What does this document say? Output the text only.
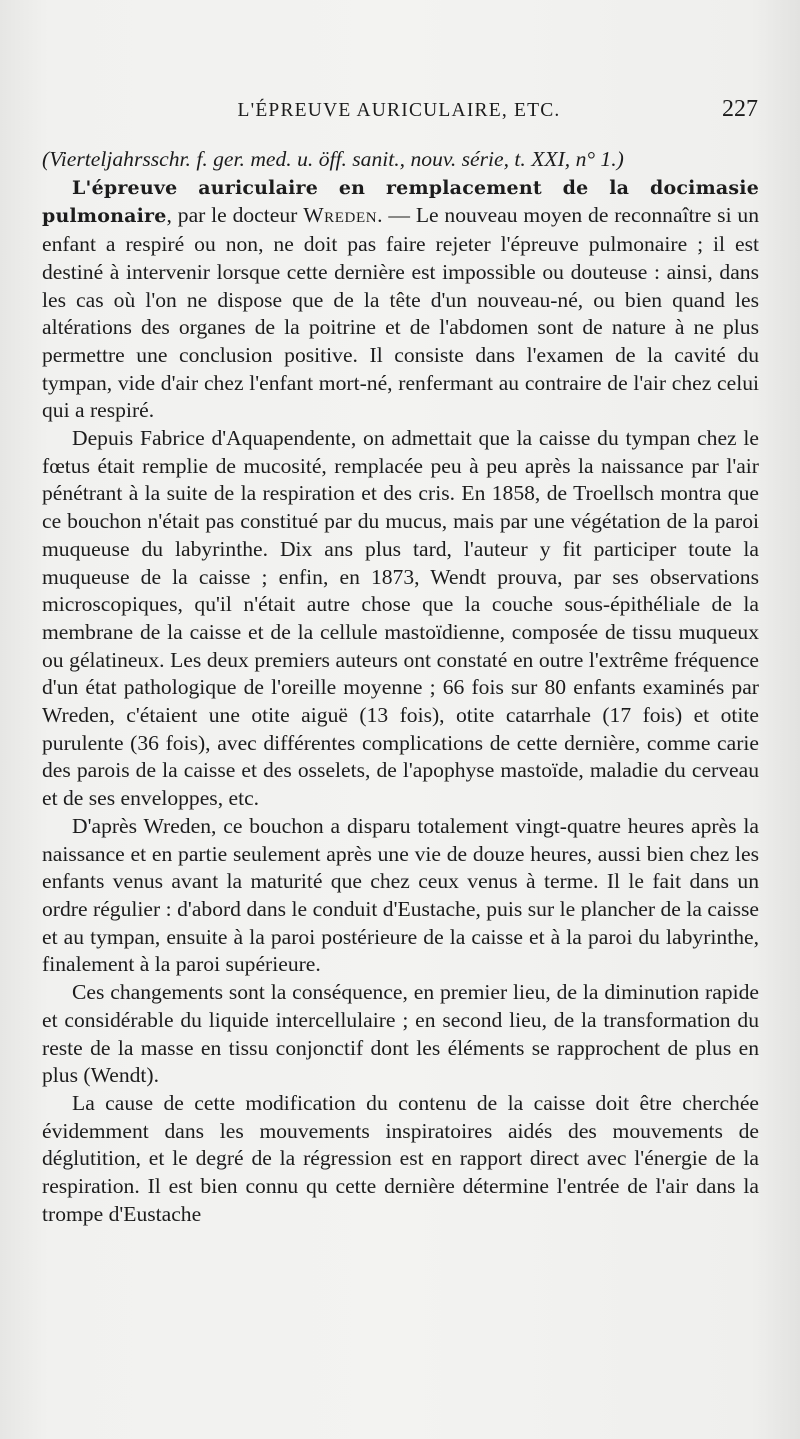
L'ÉPREUVE AURICULAIRE, ETC.	227

(Vierteljahrsschr. f. ger. med. u. öff. sanit., nouv. série, t. XXI, n° 1.)

L'épreuve auriculaire en remplacement de la docimasie pulmonaire, par le docteur Wreden. — Le nouveau moyen de reconnaître si un enfant a respiré ou non, ne doit pas faire rejeter l'épreuve pulmonaire ; il est destiné à intervenir lorsque cette dernière est impossible ou douteuse : ainsi, dans les cas où l'on ne dispose que de la tête d'un nouveau-né, ou bien quand les altérations des organes de la poitrine et de l'abdomen sont de nature à ne plus permettre une conclusion positive. Il consiste dans l'examen de la cavité du tympan, vide d'air chez l'enfant mort-né, renfermant au contraire de l'air chez celui qui a respiré.

Depuis Fabrice d'Aquapendente, on admettait que la caisse du tympan chez le fœtus était remplie de mucosité, remplacée peu à peu après la naissance par l'air pénétrant à la suite de la respiration et des cris. En 1858, de Troellsch montra que ce bouchon n'était pas constitué par du mucus, mais par une végétation de la paroi muqueuse du labyrinthe. Dix ans plus tard, l'auteur y fit participer toute la muqueuse de la caisse ; enfin, en 1873, Wendt prouva, par ses observations microscopiques, qu'il n'était autre chose que la couche sous-épithéliale de la membrane de la caisse et de la cellule mastoïdienne, composée de tissu muqueux ou gélatineux. Les deux premiers auteurs ont constaté en outre l'extrême fréquence d'un état pathologique de l'oreille moyenne ; 66 fois sur 80 enfants examinés par Wreden, c'étaient une otite aiguë (13 fois), otite catarrhale (17 fois) et otite purulente (36 fois), avec différentes complications de cette dernière, comme carie des parois de la caisse et des osselets, de l'apophyse mastoïde, maladie du cerveau et de ses enveloppes, etc.

D'après Wreden, ce bouchon a disparu totalement vingt-quatre heures après la naissance et en partie seulement après une vie de douze heures, aussi bien chez les enfants venus avant la maturité que chez ceux venus à terme. Il le fait dans un ordre régulier : d'abord dans le conduit d'Eustache, puis sur le plancher de la caisse et au tympan, ensuite à la paroi postérieure de la caisse et à la paroi du labyrinthe, finalement à la paroi supérieure.

Ces changements sont la conséquence, en premier lieu, de la diminution rapide et considérable du liquide intercellulaire ; en second lieu, de la transformation du reste de la masse en tissu conjonctif dont les éléments se rapprochent de plus en plus (Wendt).

La cause de cette modification du contenu de la caisse doit être cherchée évidemment dans les mouvements inspiratoires aidés des mouvements de déglutition, et le degré de la régression est en rapport direct avec l'énergie de la respiration. Il est bien connu qu cette dernière détermine l'entrée de l'air dans la trompe d'Eustache
